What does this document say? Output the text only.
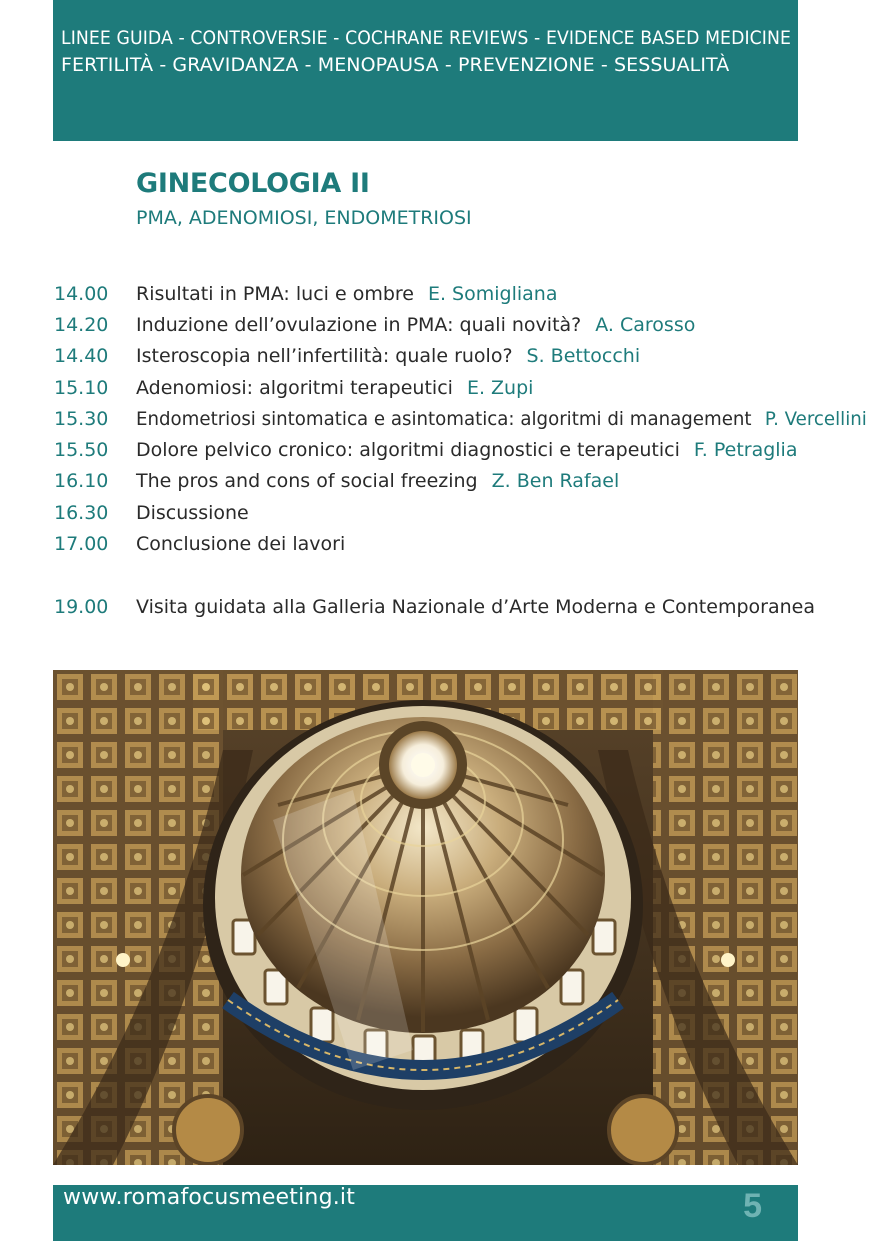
LINEE GUIDA - CONTROVERSIE - COCHRANE REVIEWS - EVIDENCE BASED MEDICINE
FERTILITÀ - GRAVIDANZA - MENOPAUSA - PREVENZIONE - SESSUALITÀ
GINECOLOGIA II
PMA, ADENOMIOSI, ENDOMETRIOSI
14.00 Risultati in PMA: luci e ombre E. Somigliana
14.20 Induzione dell’ovulazione in PMA: quali novità? A. Carosso
14.40 Isteroscopia nell’infertilità: quale ruolo? S. Bettocchi
15.10 Adenomiosi: algoritmi terapeutici E. Zupi
15.30 Endometriosi sintomatica e asintomatica: algoritmi di management P. Vercellini
15.50 Dolore pelvico cronico: algoritmi diagnostici e terapeutici F. Petraglia
16.10 The pros and cons of social freezing Z. Ben Rafael
16.30 Discussione
17.00 Conclusione dei lavori
19.00 Visita guidata alla Galleria Nazionale d’Arte Moderna e Contemporanea
www.romafocusmeeting.it	5
